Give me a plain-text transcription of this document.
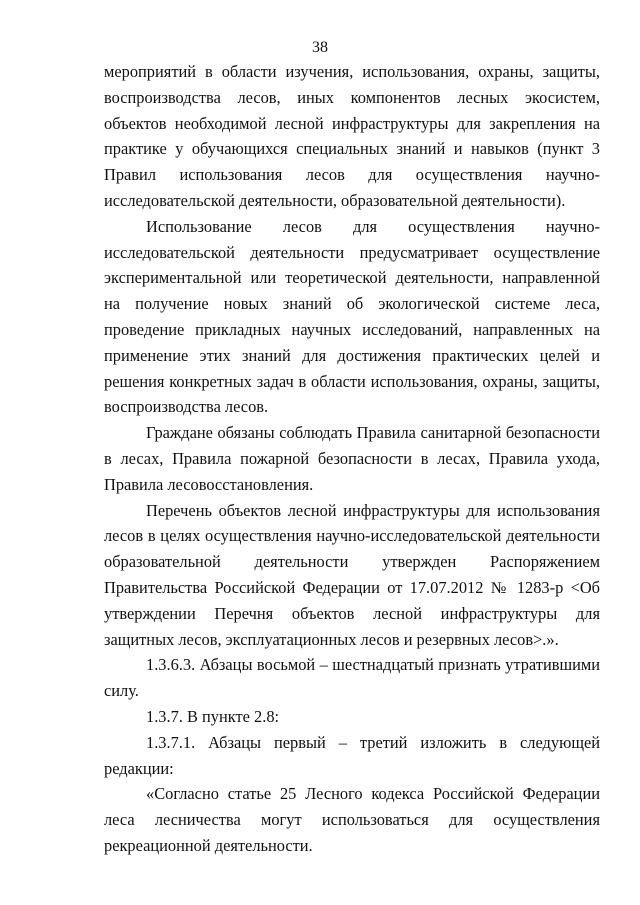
38

мероприятий в области изучения, использования, охраны, защиты, воспроизводства лесов, иных компонентов лесных экосистем, объектов необходимой лесной инфраструктуры для закрепления на практике у обучающихся специальных знаний и навыков (пункт 3 Правил использования лесов для осуществления научно-исследовательской деятельности, образовательной деятельности).

Использование лесов для осуществления научно-исследовательской деятельности предусматривает осуществление экспериментальной или теоретической деятельности, направленной на получение новых знаний об экологической системе леса, проведение прикладных научных исследований, направленных на применение этих знаний для достижения практических целей и решения конкретных задач в области использования, охраны, защиты, воспроизводства лесов.

Граждане обязаны соблюдать Правила санитарной безопасности в лесах, Правила пожарной безопасности в лесах, Правила ухода, Правила лесовосстановления.

Перечень объектов лесной инфраструктуры для использования лесов в целях осуществления научно-исследовательской деятельности образовательной деятельности утвержден Распоряжением Правительства Российской Федерации от 17.07.2012 № 1283-р <Об утверждении Перечня объектов лесной инфраструктуры для защитных лесов, эксплуатационных лесов и резервных лесов>.».

1.3.6.3. Абзацы восьмой – шестнадцатый признать утратившими силу.

1.3.7. В пункте 2.8:

1.3.7.1. Абзацы первый – третий изложить в следующей редакции:

«Согласно статье 25 Лесного кодекса Российской Федерации леса лесничества могут использоваться для осуществления рекреационной деятельности.
